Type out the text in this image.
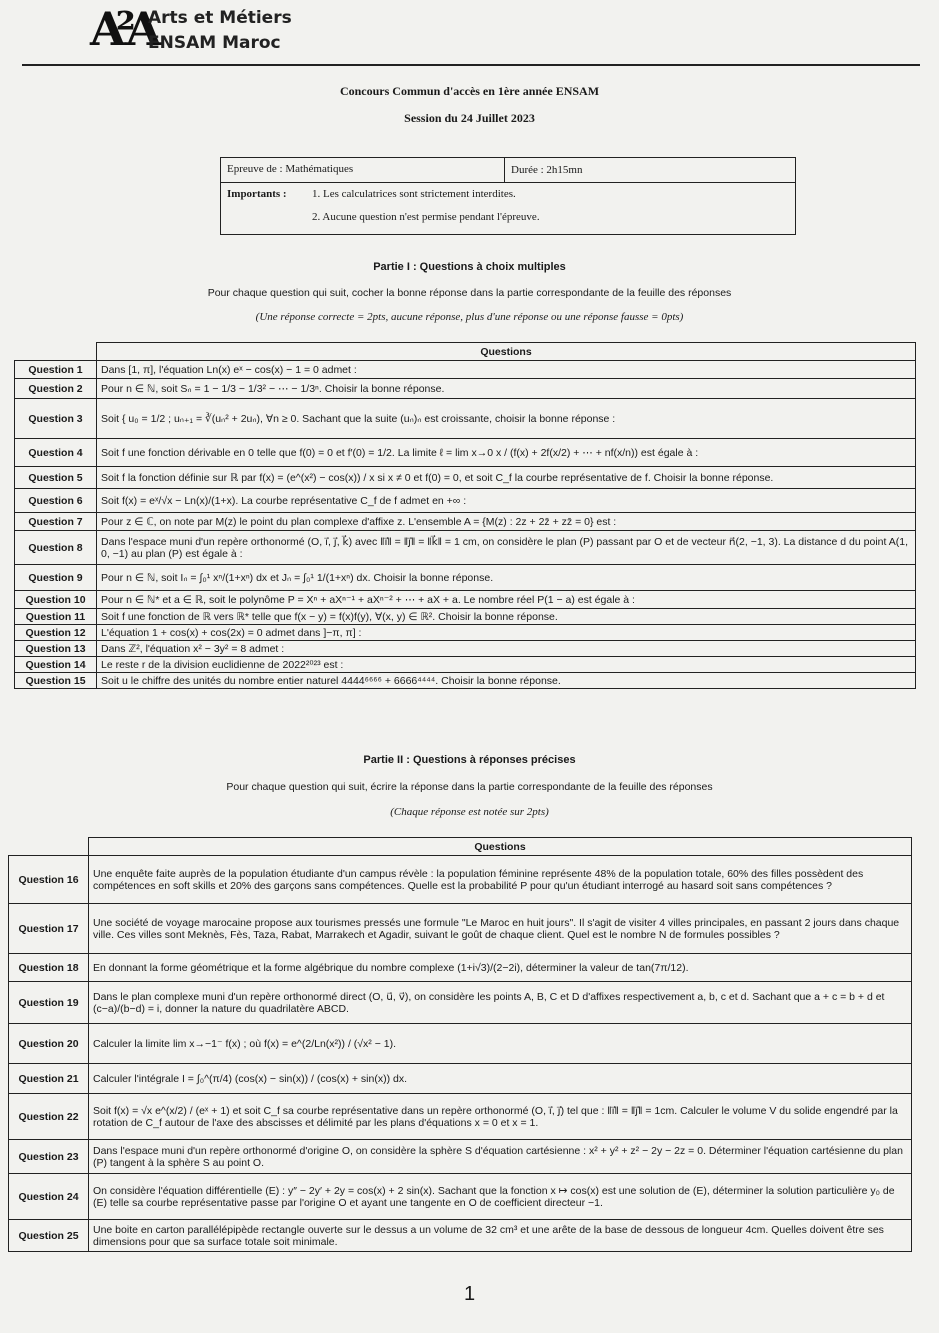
A²A
Arts et Métiers
ENSAM Maroc
Concours Commun d'accès en 1ère année ENSAM
Session du 24 Juillet 2023
Epreuve de : Mathématiques	Durée : 2h15mn
Importants : 1. Les calculatrices sont strictement interdites.
2. Aucune question n'est permise pendant l'épreuve.
Partie I : Questions à choix multiples
Pour chaque question qui suit, cocher la bonne réponse dans la partie correspondante de la feuille des réponses
(Une réponse correcte = 2pts, aucune réponse, plus d'une réponse ou une réponse fausse = 0pts)
	Questions
Question 1	Dans [1, π], l'équation Ln(x) eˣ − cos(x) − 1 = 0 admet :
Question 2	Pour n ∈ ℕ, soit Sₙ = 1 − 1/3 − 1/3² − ⋯ − 1/3ⁿ. Choisir la bonne réponse.
Question 3	Soit { u₀ = 1/2 ; uₙ₊₁ = ∛(uₙ² + 2uₙ), ∀n ≥ 0. Sachant que la suite (uₙ)ₙ est croissante, choisir la bonne réponse :
Question 4	Soit f une fonction dérivable en 0 telle que f(0) = 0 et f′(0) = 1/2. La limite ℓ = lim x→0 x / (f(x) + 2f(x/2) + ⋯ + nf(x/n)) est égale à :
Question 5	Soit f la fonction définie sur ℝ par f(x) = (e^(x²) − cos(x)) / x si x ≠ 0 et f(0) = 0, et soit C_f la courbe représentative de f. Choisir la bonne réponse.
Question 6	Soit f(x) = eˣ/√x − Ln(x)/(1+x). La courbe représentative C_f de f admet en +∞ :
Question 7	Pour z ∈ ℂ, on note par M(z) le point du plan complexe d'affixe z. L'ensemble A = {M(z) : 2z + 2z̄ + zz̄ = 0} est :
Question 8	Dans l'espace muni d'un repère orthonormé (O, i⃗, j⃗, k⃗) avec ‖i⃗‖ = ‖j⃗‖ = ‖k⃗‖ = 1 cm, on considère le plan (P) passant par O et de vecteur n⃗(2, −1, 3). La distance d du point A(1, 0, −1) au plan (P) est égale à :
Question 9	Pour n ∈ ℕ, soit Iₙ = ∫₀¹ xⁿ/(1+xⁿ) dx et Jₙ = ∫₀¹ 1/(1+xⁿ) dx. Choisir la bonne réponse.
Question 10	Pour n ∈ ℕ* et a ∈ ℝ, soit le polynôme P = Xⁿ + aXⁿ⁻¹ + aXⁿ⁻² + ⋯ + aX + a. Le nombre réel P(1 − a) est égale à :
Question 11	Soit f une fonction de ℝ vers ℝ* telle que f(x − y) = f(x)f(y), ∀(x, y) ∈ ℝ². Choisir la bonne réponse.
Question 12	L'équation 1 + cos(x) + cos(2x) = 0 admet dans ]−π, π] :
Question 13	Dans ℤ², l'équation x² − 3y² = 8 admet :
Question 14	Le reste r de la division euclidienne de 2022²⁰²³ est :
Question 15	Soit u le chiffre des unités du nombre entier naturel 4444⁶⁶⁶⁶ + 6666⁴⁴⁴⁴. Choisir la bonne réponse.
Partie II : Questions à réponses précises
Pour chaque question qui suit, écrire la réponse dans la partie correspondante de la feuille des réponses
(Chaque réponse est notée sur 2pts)
	Questions
Question 16	Une enquête faite auprès de la population étudiante d'un campus révèle : la population féminine représente 48% de la population totale, 60% des filles possèdent des compétences en soft skills et 20% des garçons sans compétences. Quelle est la probabilité P pour qu'un étudiant interrogé au hasard soit sans compétences ?
Question 17	Une société de voyage marocaine propose aux tourismes pressés une formule "Le Maroc en huit jours". Il s'agit de visiter 4 villes principales, en passant 2 jours dans chaque ville. Ces villes sont Meknès, Fès, Taza, Rabat, Marrakech et Agadir, suivant le goût de chaque client. Quel est le nombre N de formules possibles ?
Question 18	En donnant la forme géométrique et la forme algébrique du nombre complexe (1+i√3)/(2−2i), déterminer la valeur de tan(7π/12).
Question 19	Dans le plan complexe muni d'un repère orthonormé direct (O, u⃗, v⃗), on considère les points A, B, C et D d'affixes respectivement a, b, c et d. Sachant que a + c = b + d et (c−a)/(b−d) = i, donner la nature du quadrilatère ABCD.
Question 20	Calculer la limite lim x→−1⁻ f(x) ; où f(x) = e^(2/Ln(x²)) / (√x² − 1).
Question 21	Calculer l'intégrale I = ∫₀^(π/4) (cos(x) − sin(x)) / (cos(x) + sin(x)) dx.
Question 22	Soit f(x) = √x e^(x/2) / (eˣ + 1) et soit C_f sa courbe représentative dans un repère orthonormé (O, i⃗, j⃗) tel que : ‖i⃗‖ = ‖j⃗‖ = 1cm. Calculer le volume V du solide engendré par la rotation de C_f autour de l'axe des abscisses et délimité par les plans d'équations x = 0 et x = 1.
Question 23	Dans l'espace muni d'un repère orthonormé d'origine O, on considère la sphère S d'équation cartésienne : x² + y² + z² − 2y − 2z = 0. Déterminer l'équation cartésienne du plan (P) tangent à la sphère S au point O.
Question 24	On considère l'équation différentielle (E) : y″ − 2y′ + 2y = cos(x) + 2 sin(x). Sachant que la fonction x ↦ cos(x) est une solution de (E), déterminer la solution particulière y₀ de (E) telle sa courbe représentative passe par l'origine O et ayant une tangente en O de coefficient directeur −1.
Question 25	Une boite en carton parallélépipède rectangle ouverte sur le dessus a un volume de 32 cm³ et une arête de la base de dessous de longueur 4cm. Quelles doivent être ses dimensions pour que sa surface totale soit minimale.
1
